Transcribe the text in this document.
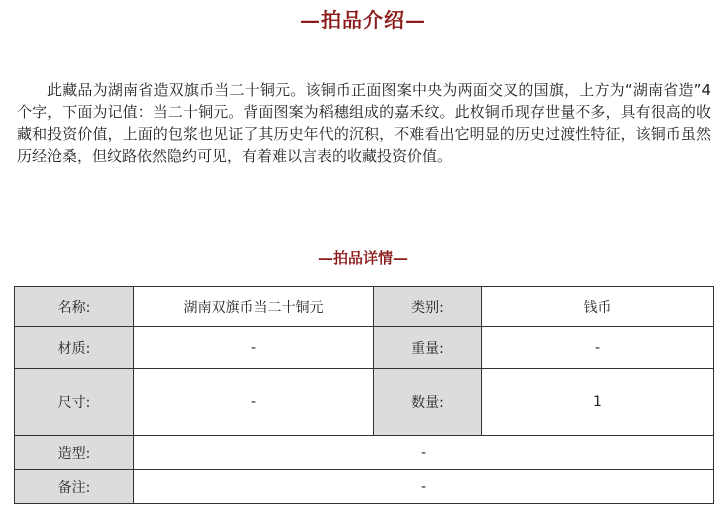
—拍品介绍—

此藏品为湖南省造双旗币当二十铜元。该铜币正面图案中央为两面交叉的国旗，上方为“湖南省造”4个字，下面为记值：当二十铜元。背面图案为稻穗组成的嘉禾纹。此枚铜币现存世量不多，具有很高的收藏和投资价值，上面的包浆也见证了其历史年代的沉积，不难看出它明显的历史过渡性特征，该铜币虽然历经沧桑，但纹路依然隐约可见，有着难以言表的收藏投资价值。

—拍品详情—
名称:	湖南双旗币当二十铜元	类别:	钱币
材质:	-	重量:	-
尺寸:	-	数量:	1
造型:	-		
备注:	-		
